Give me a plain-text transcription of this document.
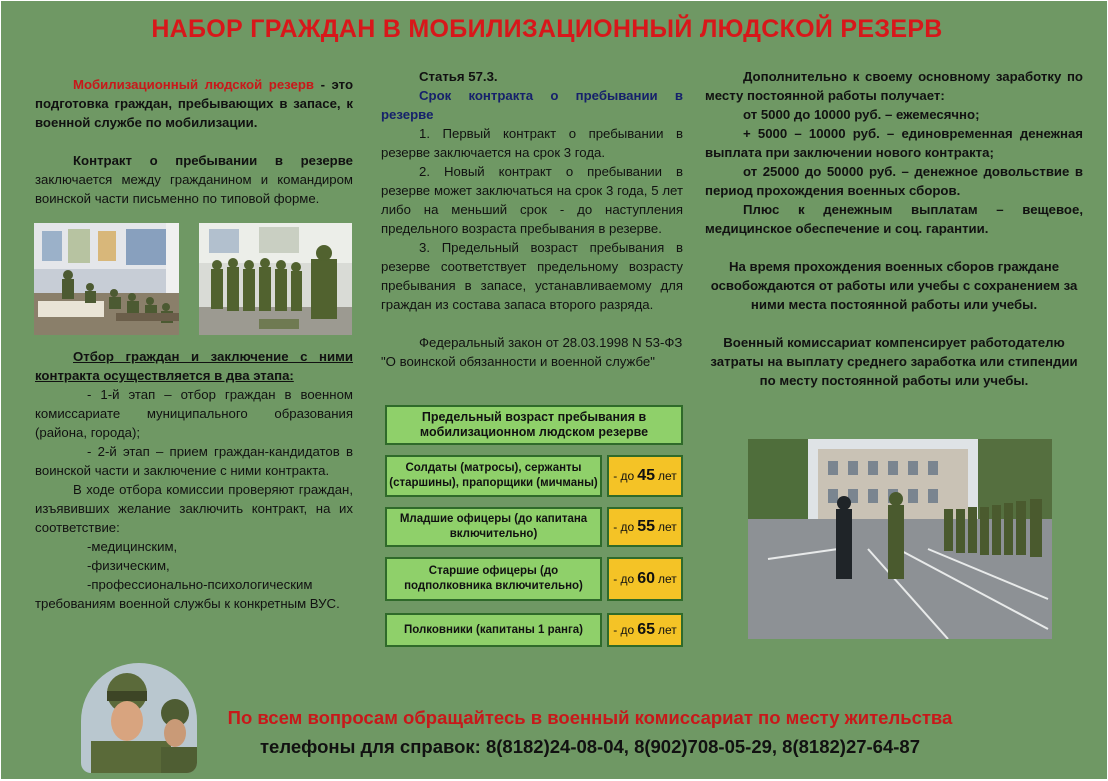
НАБОР ГРАЖДАН В МОБИЛИЗАЦИОННЫЙ ЛЮДСКОЙ РЕЗЕРВ

Мобилизационный людской резерв - это подготовка граждан, пребывающих в запасе, к военной службе по мобилизации.

Контракт о пребывании в резерве заключается между гражданином и командиром воинской части письменно по типовой форме.

Отбор граждан и заключение с ними контракта осуществляется в два этапа:

- 1-й этап – отбор граждан в военном комиссариате муниципального образования (района, города);

- 2-й этап – прием граждан-кандидатов в воинской части и заключение с ними контракта.

В ходе отбора комиссии проверяют граждан, изъявивших желание заключить контракт, на их соответствие:

-медицинским,

-физическим,

-профессионально-психологическим

требованиям военной службы к конкретным ВУС.

Статья 57.3.

Срок контракта о пребывании в резерве

1. Первый контракт о пребывании в резерве заключается на срок 3 года.

2. Новый контракт о пребывании в резерве может заключаться на срок 3 года, 5 лет либо на меньший срок - до наступления предельного возраста пребывания в резерве.

3. Предельный возраст пребывания в резерве соответствует предельному возрасту пребывания в запасе, устанавливаемому для граждан из состава запаса второго разряда.

Федеральный закон от 28.03.1998 N 53-ФЗ

"О воинской обязанности и военной службе"

Предельный возраст пребывания в мобилизационном людском резерве
Солдаты (матросы), сержанты (старшины), прапорщики (мичманы)	- до 45 лет
Младшие офицеры (до капитана включительно)	- до 55 лет
Старшие офицеры (до подполковника включительно)	- до 60 лет
Полковники (капитаны 1 ранга)	- до 65 лет

Дополнительно к своему основному заработку по месту постоянной работы получает:

от 5000 до 10000 руб. – ежемесячно;

+ 5000 – 10000 руб. – единовременная денежная выплата при заключении нового контракта;

от 25000 до 50000 руб. – денежное довольствие в период прохождения военных сборов.

Плюс к денежным выплатам – вещевое, медицинское обеспечение и соц. гарантии.

На время прохождения военных сборов граждане освобождаются от работы или учебы с сохранением за ними места постоянной работы или учебы.

Военный комиссариат компенсирует работодателю затраты на выплату среднего заработка или стипендии по месту постоянной работы или учебы.

По всем вопросам обращайтесь в военный комиссариат по месту жительства
телефоны для справок: 8(8182)24-08-04, 8(902)708-05-29, 8(8182)27-64-87
